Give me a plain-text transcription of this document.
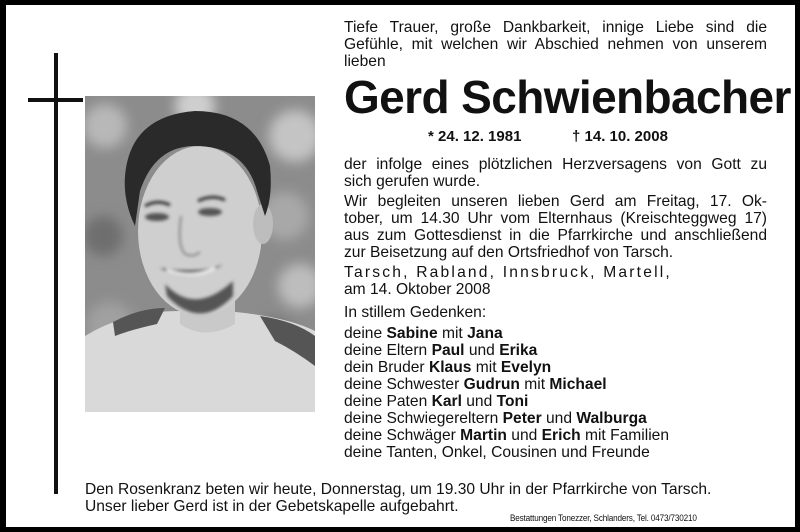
Tiefe Trauer, große Dankbarkeit, innige Liebe sind die
Gefühle, mit welchen wir Abschied nehmen von unserem
lieben
Gerd Schwienbacher
* 24. 12. 1981	† 14. 10. 2008
der infolge eines plötzlichen Herzversagens von Gott zu
sich gerufen wurde.
Wir begleiten unseren lieben Gerd am Freitag, 17. Ok-
tober, um 14.30 Uhr vom Elternhaus (Kreischteggweg 17)
aus zum Gottesdienst in die Pfarrkirche und anschließend
zur Beisetzung auf den Ortsfriedhof von Tarsch.
Tarsch, Rabland, Innsbruck, Martell,
am 14. Oktober 2008
In stillem Gedenken:
deine Sabine mit Jana
deine Eltern Paul und Erika
dein Bruder Klaus mit Evelyn
deine Schwester Gudrun mit Michael
deine Paten Karl und Toni
deine Schwiegereltern Peter und Walburga
deine Schwäger Martin und Erich mit Familien
deine Tanten, Onkel, Cousinen und Freunde
Den Rosenkranz beten wir heute, Donnerstag, um 19.30 Uhr in der Pfarrkirche von Tarsch.
Unser lieber Gerd ist in der Gebetskapelle aufgebahrt.
Bestattungen Tonezzer, Schlanders, Tel. 0473/730210
